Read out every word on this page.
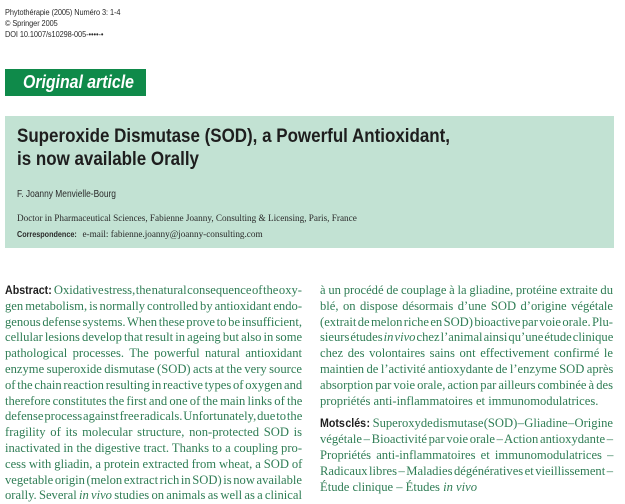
Phytothérapie (2005) Numéro 3: 1-4
© Springer 2005
DOI 10.1007/s10298-005-••••-•
Original article
Superoxide Dismutase (SOD), a Powerful Antioxidant,
is now available Orally
F. Joanny Menvielle-Bourg
Doctor in Pharmaceutical Sciences, Fabienne Joanny, Consulting & Licensing, Paris, France
Correspondence: e-mail: fabienne.joanny@joanny-consulting.com
Abstract: Oxidative stress, the natural consequence of the oxy-
gen metabolism, is normally controlled by antioxidant endo-
genous defense systems. When these prove to be insufficient,
cellular lesions develop that result in ageing but also in some
pathological processes. The powerful natural antioxidant
enzyme superoxide dismutase (SOD) acts at the very source
of the chain reaction resulting in reactive types of oxygen and
therefore constitutes the first and one of the main links of the
defense process against free radicals. Unfortunately, due to the
fragility of its molecular structure, non-protected SOD is
inactivated in the digestive tract. Thanks to a coupling pro-
cess with gliadin, a protein extracted from wheat, a SOD of
vegetable origin (melon extract rich in SOD) is now available
orally. Several in vivo studies on animals as well as a clinical
à un procédé de couplage à la gliadine, protéine extraite du
blé, on dispose désormais d’une SOD d’origine végétale
(extrait de melon riche en SOD) bioactive par voie orale. Plu-
sieurs études in vivo chez l’animal ainsi qu’une étude clinique
chez des volontaires sains ont effectivement confirmé le
maintien de l’activité antioxydante de l’enzyme SOD après
absorption par voie orale, action par ailleurs combinée à des
propriétés anti-inflammatoires et immunomodulatrices.
Mots clés : Superoxyde dismutase (SOD) – Gliadine – Origine
végétale – Bioactivité par voie orale – Action antioxydante –
Propriétés anti-inflammatoires et immunomodulatrices –
Radicaux libres – Maladies dégénératives et vieillissement –
Étude clinique – Études in vivo
